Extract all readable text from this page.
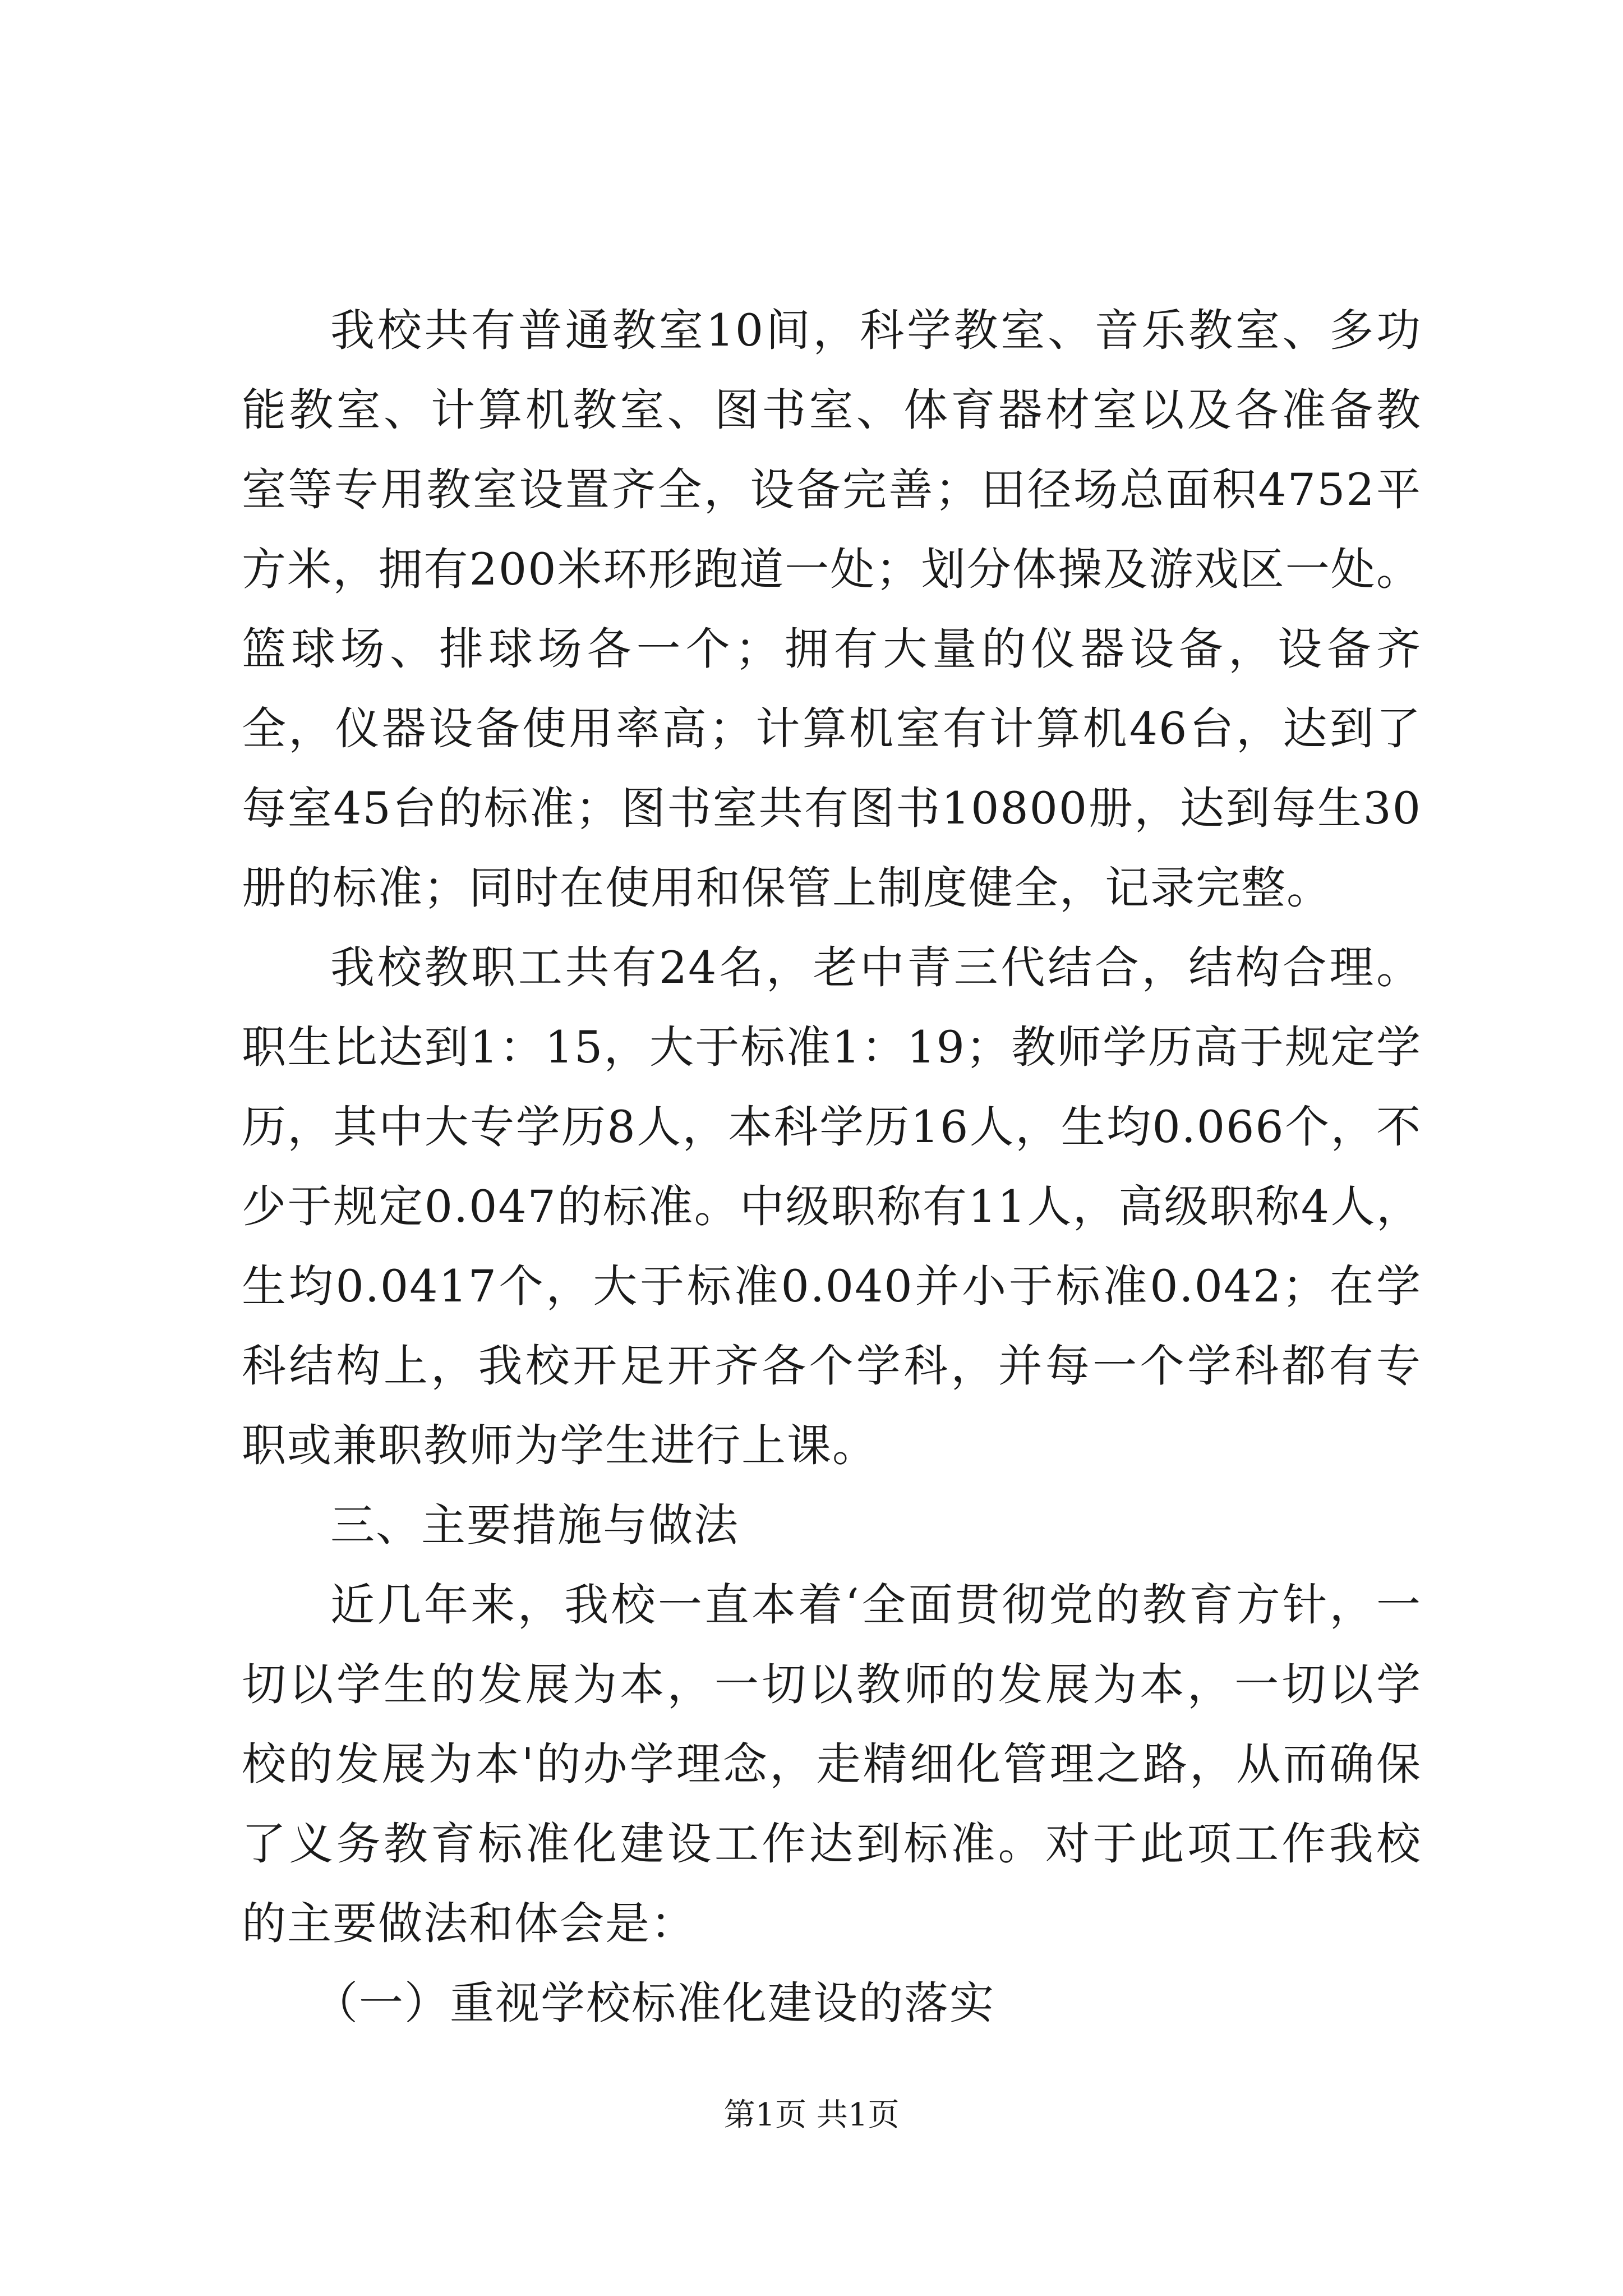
我校共有普通教室10间，科学教室、音乐教室、多功能教室、计算机教室、图书室、体育器材室以及各准备教室等专用教室设置齐全，设备完善；田径场总面积4752平方米，拥有200米环形跑道一处；划分体操及游戏区一处。篮球场、排球场各一个；拥有大量的仪器设备，设备齐全，仪器设备使用率高；计算机室有计算机46台，达到了每室45台的标准；图书室共有图书10800册，达到每生30册的标准；同时在使用和保管上制度健全，记录完整。

我校教职工共有24名，老中青三代结合，结构合理。职生比达到1：15，大于标准1：19；教师学历高于规定学历，其中大专学历8人，本科学历16人，生均0.066个，不少于规定0.047的标准。中级职称有11人，高级职称4人，生均0.0417个，大于标准0.040并小于标准0.042；在学科结构上，我校开足开齐各个学科，并每一个学科都有专职或兼职教师为学生进行上课。

三、主要措施与做法

近几年来，我校一直本着‘全面贯彻党的教育方针，一切以学生的发展为本，一切以教师的发展为本，一切以学校的发展为本'的办学理念，走精细化管理之路，从而确保了义务教育标准化建设工作达到标准。对于此项工作我校的主要做法和体会是：

（一）重视学校标准化建设的落实

第1页 共1页
